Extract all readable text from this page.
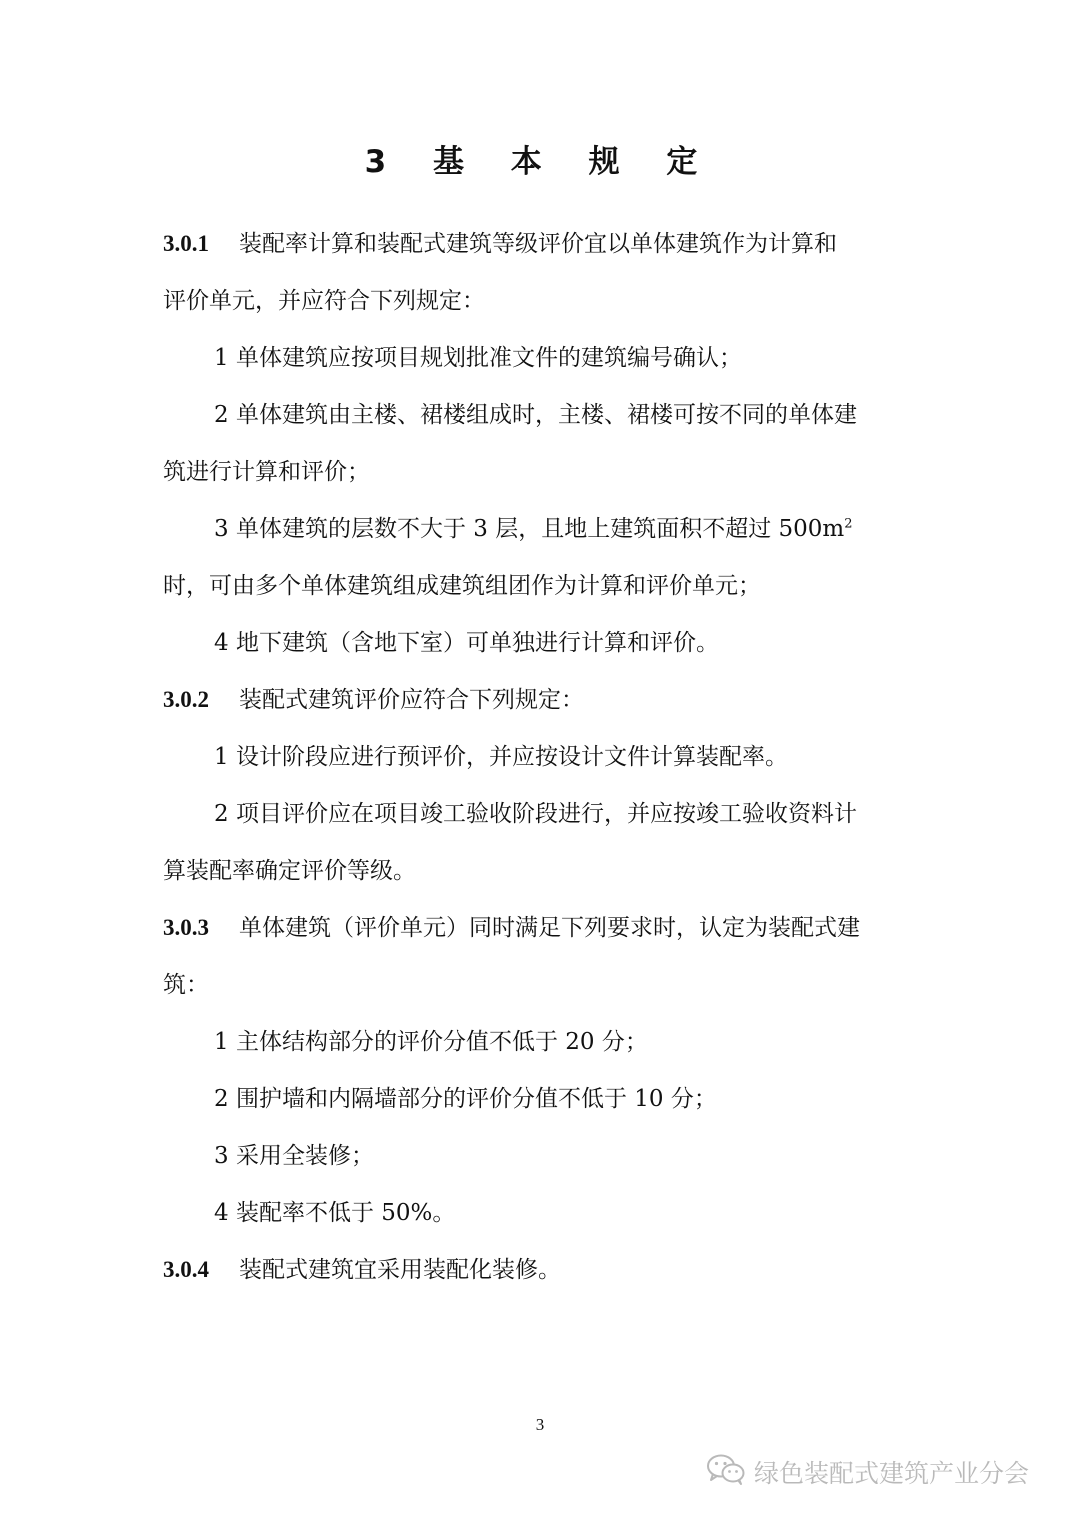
3 基 本 规 定
3.0.1 装配率计算和装配式建筑等级评价宜以单体建筑作为计算和
评价单元，并应符合下列规定：
1 单体建筑应按项目规划批准文件的建筑编号确认；
2 单体建筑由主楼、裙楼组成时，主楼、裙楼可按不同的单体建
筑进行计算和评价；
3 单体建筑的层数不大于 3 层，且地上建筑面积不超过 $500m^2$
时，可由多个单体建筑组成建筑组团作为计算和评价单元；
4 地下建筑（含地下室）可单独进行计算和评价。
3.0.2 装配式建筑评价应符合下列规定：
1 设计阶段应进行预评价，并应按设计文件计算装配率。
2 项目评价应在项目竣工验收阶段进行，并应按竣工验收资料计
算装配率确定评价等级。
3.0.3 单体建筑（评价单元）同时满足下列要求时，认定为装配式建
筑：
1 主体结构部分的评价分值不低于 20 分；
2 围护墙和内隔墙部分的评价分值不低于 10 分；
3 采用全装修；
4 装配率不低于 50%。
3.0.4 装配式建筑宜采用装配化装修。
3
绿色装配式建筑产业分会
